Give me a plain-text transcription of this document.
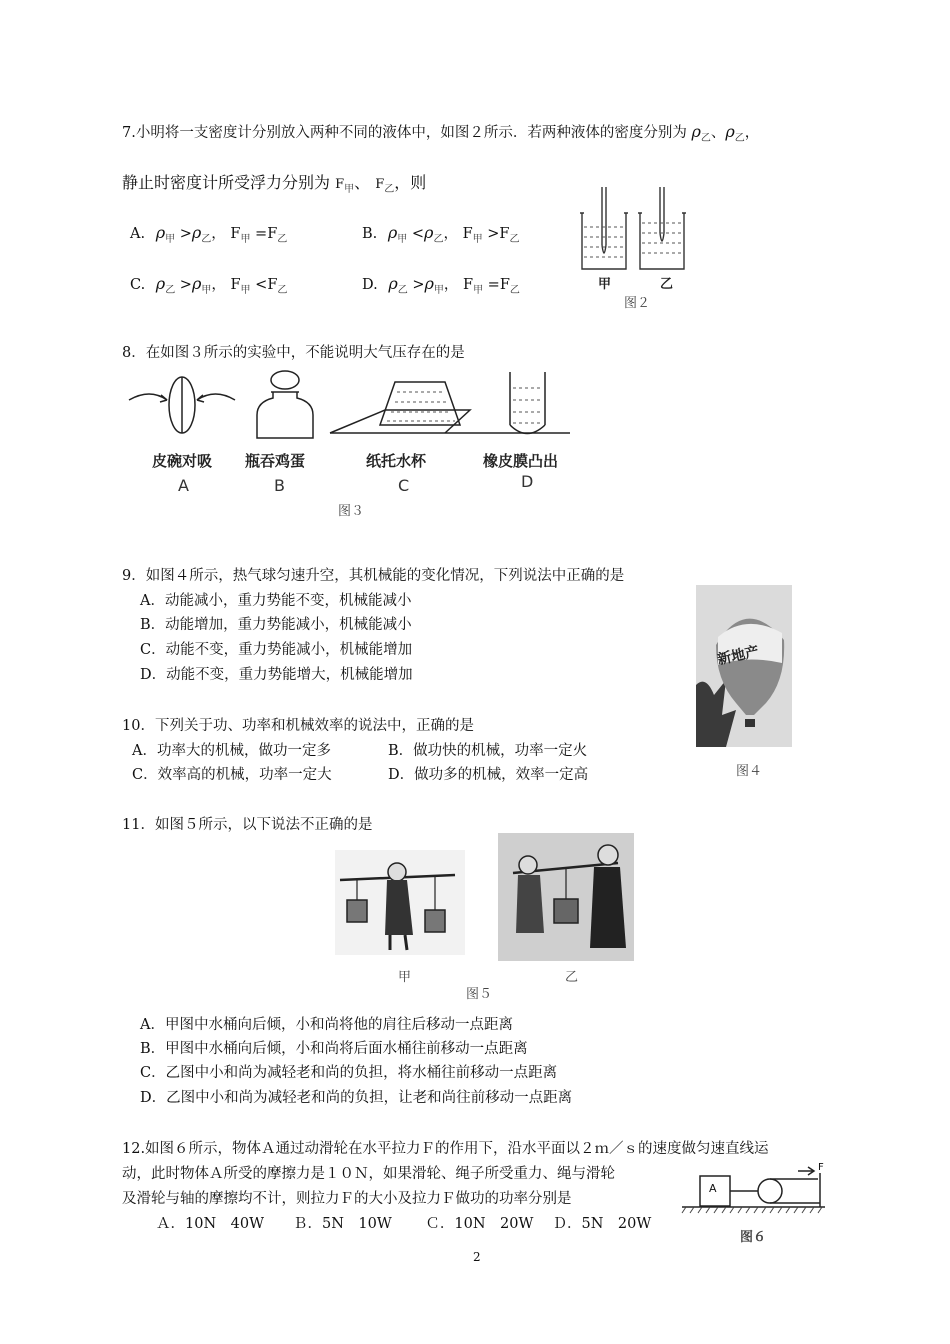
7.小明将一支密度计分别放入两种不同的液体中，如图２所示．若两种液体的密度分别为 $\rho_乙$、$\rho_乙$，
静止时密度计所受浮力分别为 $F_甲$、 $F_乙$，则
A. $\rho_甲 >\rho_乙$， $F_甲 =F_乙$	B. $\rho_甲 <\rho_乙$， $F_甲 >F_乙$
C. $\rho_乙 >\rho_甲$， $F_甲 <F_乙$	D. $\rho_乙 >\rho_甲$， $F_甲 =F_乙$	甲	乙
图２
8．在如图３所示的实验中，不能说明大气压存在的是
皮碗对吸 瓶吞鸡蛋	纸托水杯	橡皮膜凸出
A	B	C	D
图３
9．如图４所示，热气球匀速升空，其机械能的变化情况，下列说法中正确的是
A．动能减小，重力势能不变，机械能减小
B．动能增加，重力势能减小，机械能减小
C．动能不变，重力势能减小，机械能增加
D．动能不变，重力势能增大，机械能增加
新地产
图４
10．下列关于功、功率和机械效率的说法中，正确的是
A．功率大的机械，做功一定多	B．做功快的机械，功率一定火
C．效率高的机械，功率一定大	D．做功多的机械，效率一定高
11．如图５所示，以下说法不正确的是
甲	乙
图５
A．甲图中水桶向后倾，小和尚将他的肩往后移动一点距离
B．甲图中水桶向后倾，小和尚将后面水桶往前移动一点距离
C．乙图中小和尚为减轻老和尚的负担，将水桶往前移动一点距离
D．乙图中小和尚为减轻老和尚的负担，让老和尚往前移动一点距离
12.如图６所示，物体Ａ通过动滑轮在水平拉力Ｆ的作用下，沿水平面以２ｍ／ｓ的速度做匀速直线运
动，此时物体Ａ所受的摩擦力是１０Ｎ，如果滑轮、绳子所受重力、绳与滑轮
及滑轮与轴的摩擦均不计，则拉力Ｆ的大小及拉力Ｆ做功的功率分别是
Ａ．10N　40W　　Ｂ．5N　10W　　 Ｃ．10N　20W　 Ｄ．5N　20W
A
F
图６
2
